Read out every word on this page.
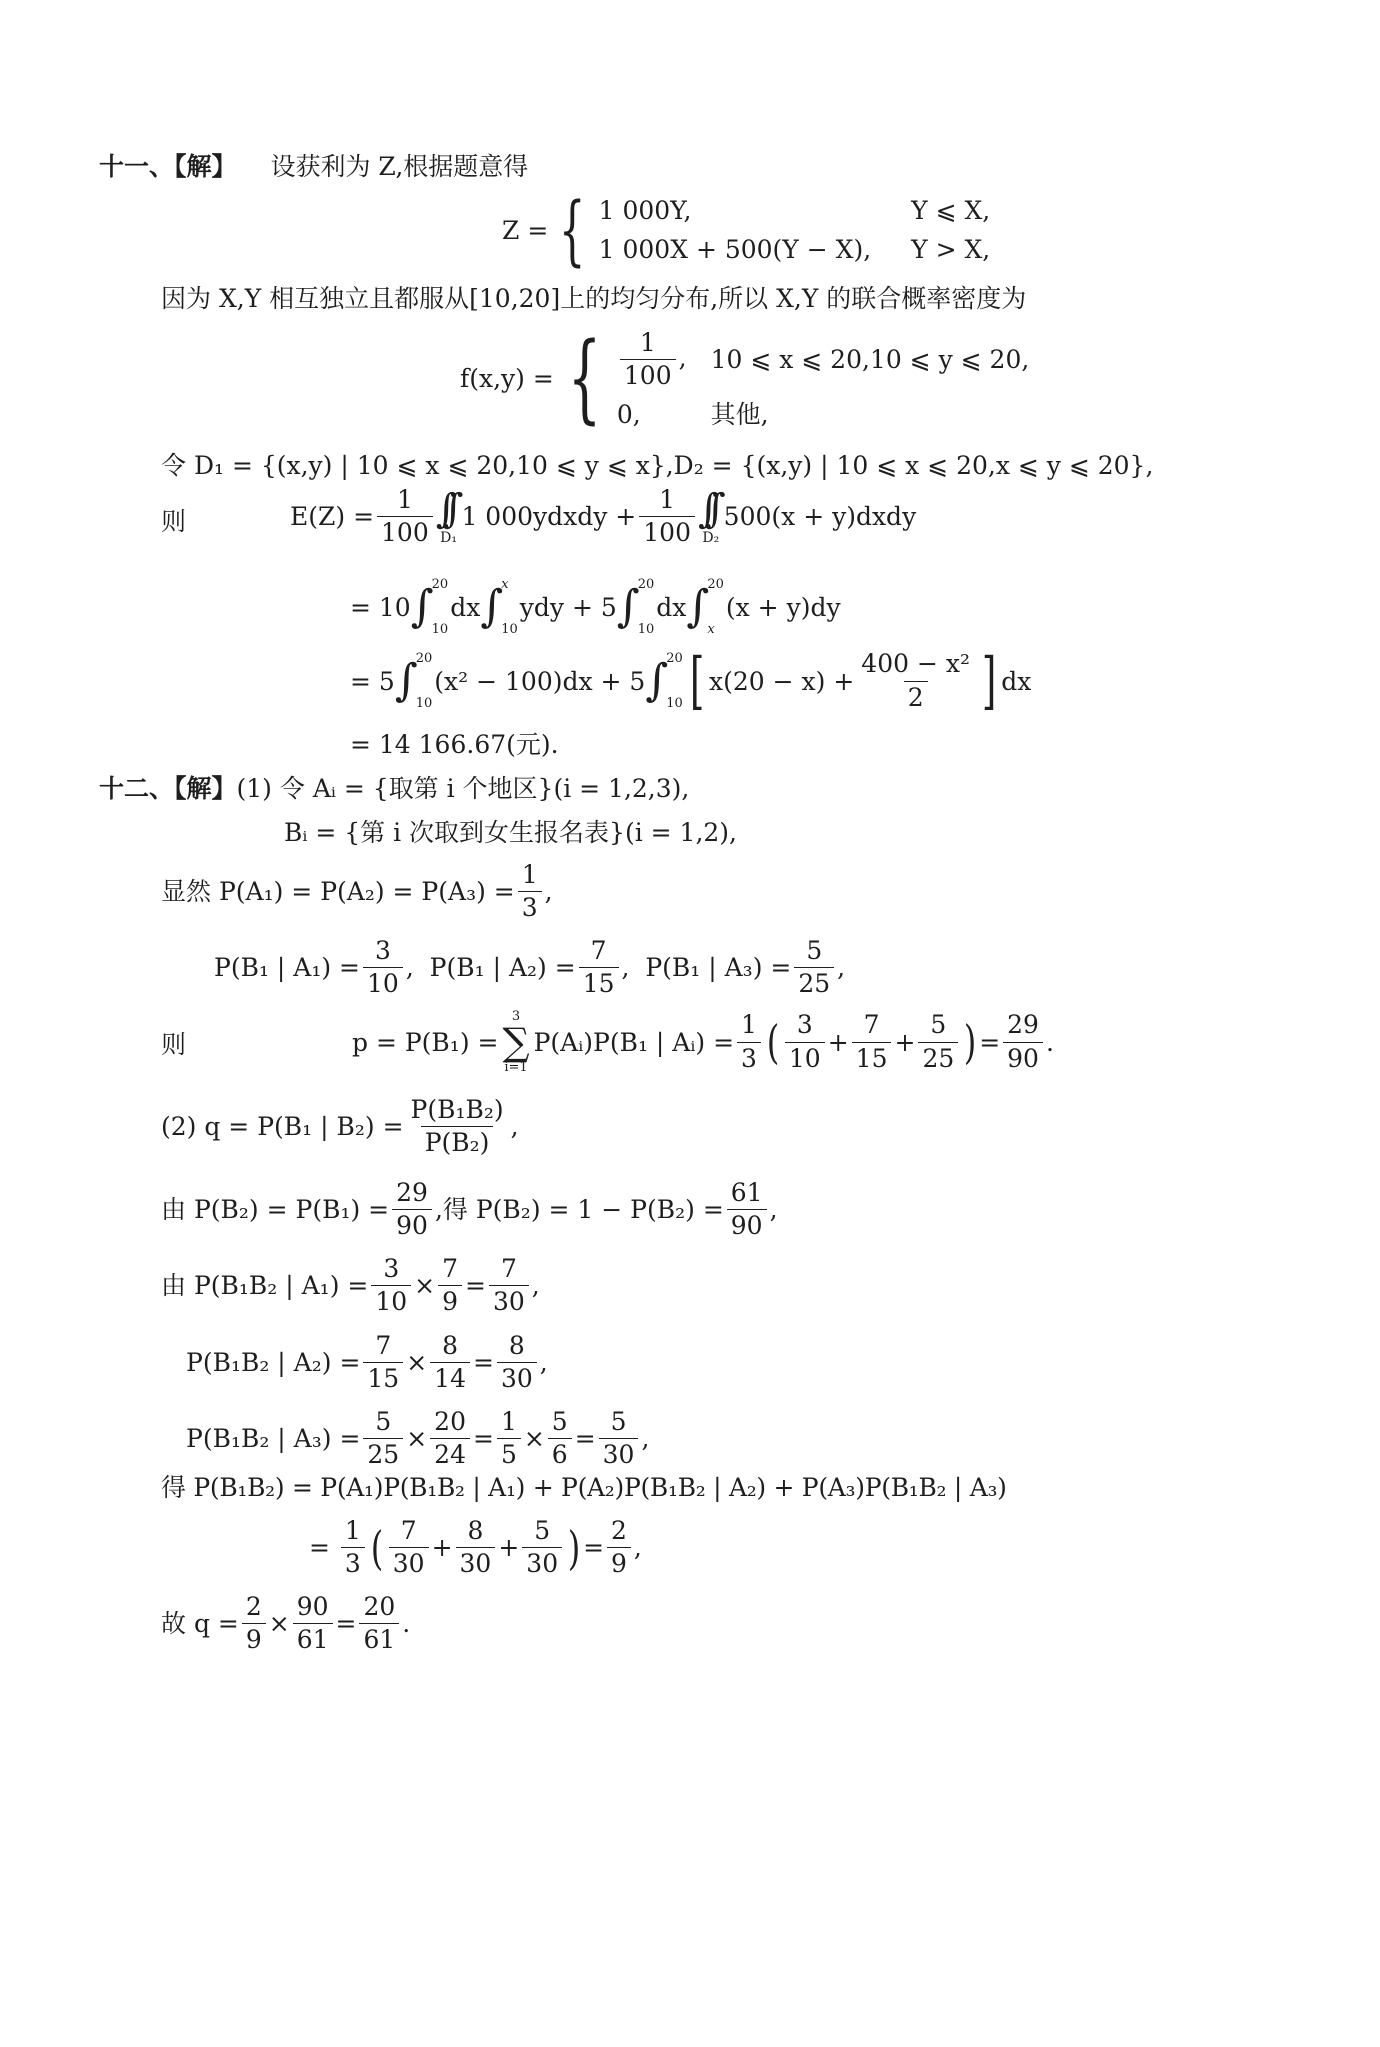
十一、【解】 设获利为 Z,根据题意得
Z = { 1 000Y,	Y ⩽ X,
1 000X + 500(Y − X), Y > X,
因为 X,Y 相互独立且都服从[10,20]上的均匀分布,所以 X,Y 的联合概率密度为
f(x,y) = { $\frac{1}{100}$ , 10 ⩽ x ⩽ 20,10 ⩽ y ⩽ 20,
0,	其他,
令 D₁ = {(x,y) | 10 ⩽ x ⩽ 20,10 ⩽ y ⩽ x},D₂ = {(x,y) | 10 ⩽ x ⩽ 20,x ⩽ y ⩽ 20},
则	$E(Z) = \frac{1}{100}$ ∫∫
D₁
1 000ydxdy + $\frac{1}{100}$ ∫∫
D₂
500(x + y)dxdy
= 10 ∫
20
10
dx ∫
x
10
ydy + 5 ∫
20
10
dx ∫
20
x
(x + y)dy
= 5 ∫
20
10
(x² − 100)dx + 5 ∫
20
10 [ $x(20 - x) + \frac{\text{400 − x²}}{2}$ ] dx
= 14 166.67(元).
十二、【解】(1) 令 Aᵢ = {取第 i 个地区}(i = 1,2,3),
Bᵢ = {第 i 次取到女生报名表}(i = 1,2),
显然 $P(A_1) = P(A_2) = P(A_3) = \frac{1}{3}$ ,
P(B₁ | $A_1) = \frac{3}{10}$ , P(B₁ | $A_2) = \frac{7}{15}$ , P(B₁ | $A_3) = \frac{5}{25}$ ,
则	p = P(B₁) =
3
∑
i=1
P(Aᵢ)P(B₁ | Aᵢ) = $\frac{1}{3}$ ( $\frac{3}{10} + \frac{7}{15} + \frac{5}{25}$ ) = $\frac{29}{90}$ .
(2) q = P(B₁ | $B_2) = \frac{\text{P(B₁B₂)}}{\text{P(B₂)}}$ ,
由 $P(B_2) = P(B_1) = \frac{29}{90}$ ,得 $P(B_2) = 1 - P(B_2) = \frac{61}{90}$ ,
由 P(B₁B₂ | $A_1) = \frac{3}{10} \times \frac{7}{9} = \frac{7}{30}$ ,
P(B₁B₂ | $A_2) = \frac{7}{15} \times \frac{8}{14} = \frac{8}{30}$ ,
P(B₁B₂ | $A_3) = \frac{5}{25} \times \frac{20}{24} = \frac{1}{5} \times \frac{5}{6} = \frac{5}{30}$ ,
得 P(B₁B₂) = P(A₁)P(B₁B₂ | A₁) + P(A₂)P(B₁B₂ | A₂) + P(A₃)P(B₁B₂ | A₃)
= $\frac{1}{3}$ ( $\frac{7}{30} + \frac{8}{30} + \frac{5}{30}$ ) = $\frac{2}{9}$ ,
故 $q = \frac{2}{9} \times \frac{90}{61} = \frac{20}{61}$ .
